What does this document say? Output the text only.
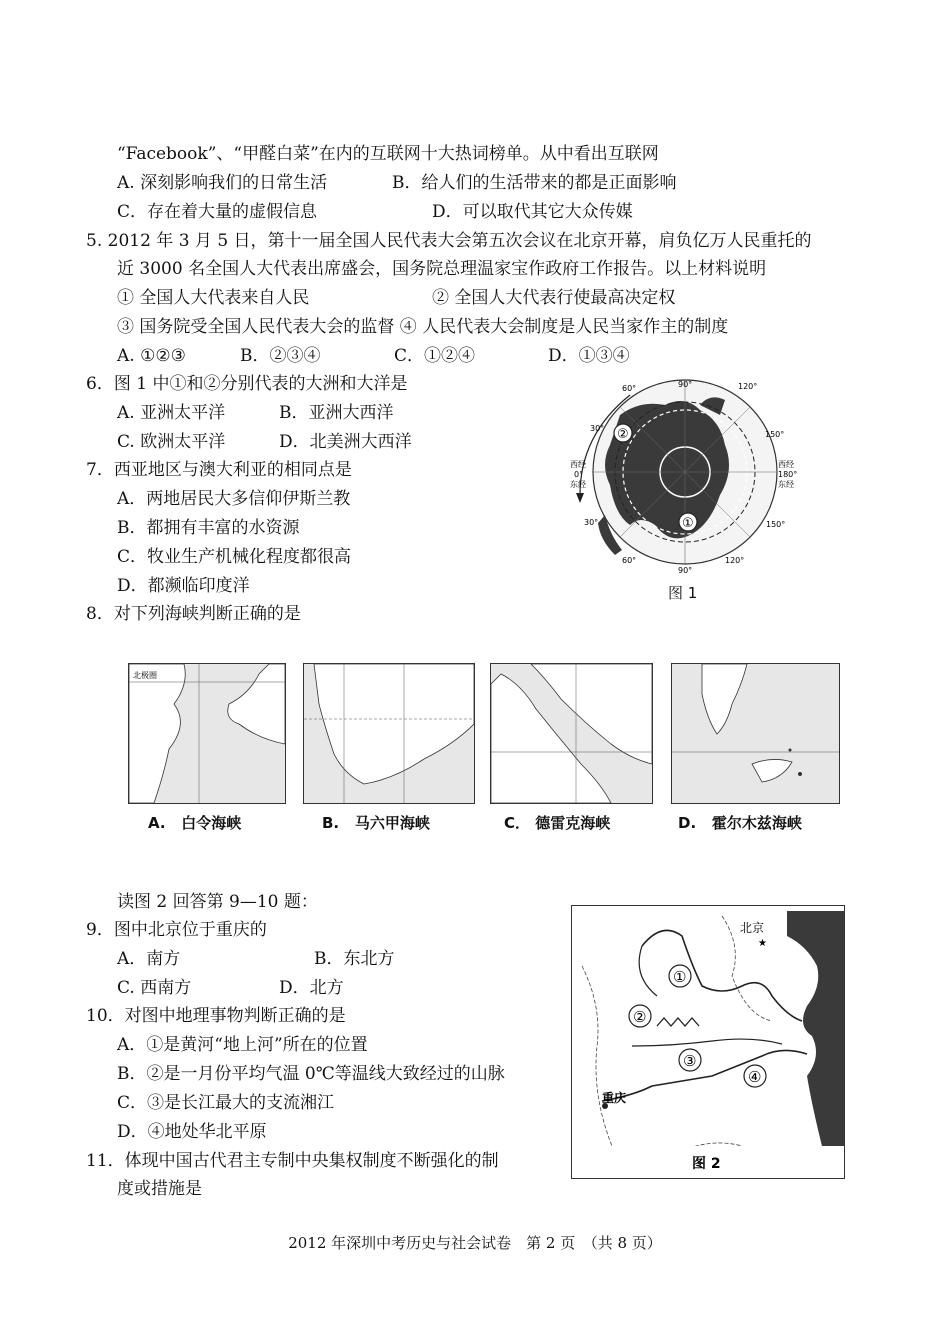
“Facebook”、“甲醛白菜”在内的互联网十大热词榜单。从中看出互联网
A. 深刻影响我们的日常生活	B．给人们的生活带来的都是正面影响
C．存在着大量的虚假信息	D．可以取代其它大众传媒
5. 2012 年 3 月 5 日，第十一届全国人民代表大会第五次会议在北京开幕，肩负亿万人民重托的
近 3000 名全国人大代表出席盛会，国务院总理温家宝作政府工作报告。以上材料说明
① 全国人大代表来自人民	② 全国人大代表行使最高决定权
③ 国务院受全国人民代表大会的监督 ④ 人民代表大会制度是人民当家作主的制度
A. ①②③	B．②③④	C．①②④	D．①③④
6．图 1 中①和②分别代表的大洲和大洋是
A. 亚洲太平洋	B．亚洲大西洋
C. 欧洲太平洋	D．北美洲大西洋
7．西亚地区与澳大利亚的相同点是
A．两地居民大多信仰伊斯兰教
B．都拥有丰富的水资源
C．牧业生产机械化程度都很高
D．都濒临印度洋
8．对下列海峡判断正确的是
90°
60°	120°
30°
150°
西经
0°
东经
西经
180°
东经
30°	150°
60°
90°
120°
②
①
图 1
北极圈
A. 白令海峡	B. 马六甲海峡	C． 德雷克海峡	D. 霍尔木兹海峡
读图 2 回答第 9—10 题：
9．图中北京位于重庆的
A．南方	B．东北方
C. 西南方	D．北方
10．对图中地理事物判断正确的是
A．①是黄河“地上河”所在的位置
B．②是一月份平均气温 0℃等温线大致经过的山脉
C．③是长江最大的支流湘江
D．④地处华北平原
11．体现中国古代君主专制中央集权制度不断强化的制
度或措施是
①
②
③
④
★
北京
重庆
图 2
2012 年深圳中考历史与社会试卷　第 2 页　（共 8 页）
